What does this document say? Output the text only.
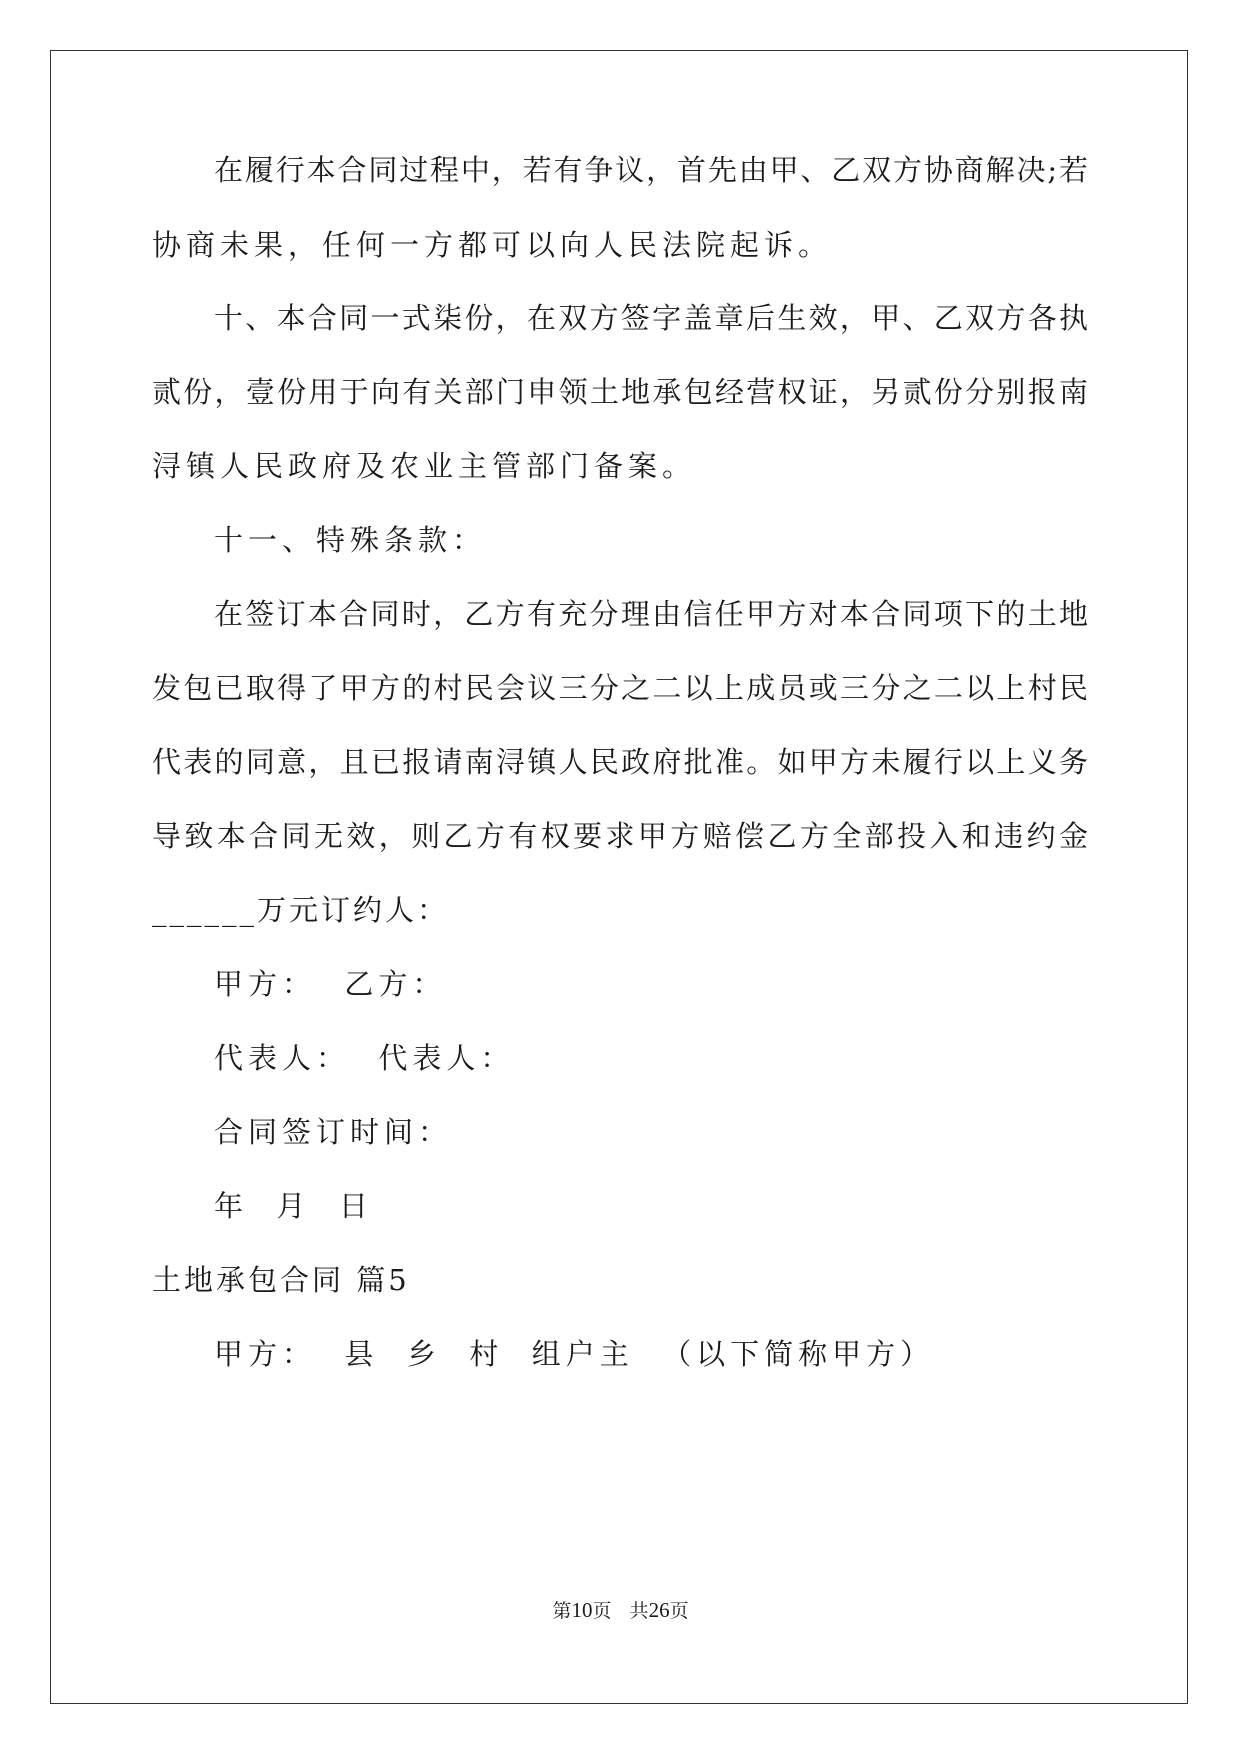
在履行本合同过程中，若有争议，首先由甲、乙双方协商解决;若
协商未果，任何一方都可以向人民法院起诉。
十、本合同一式柒份，在双方签字盖章后生效，甲、乙双方各执
贰份，壹份用于向有关部门申领土地承包经营权证，另贰份分别报南
浔镇人民政府及农业主管部门备案。
十一、特殊条款：
在签订本合同时，乙方有充分理由信任甲方对本合同项下的土地
发包已取得了甲方的村民会议三分之二以上成员或三分之二以上村民
代表的同意，且已报请南浔镇人民政府批准。如甲方未履行以上义务
导致本合同无效，则乙方有权要求甲方赔偿乙方全部投入和违约金
______万元订约人：
甲方：  乙方：
代表人：  代表人：
合同签订时间：
年  月  日
土地承包合同 篇5
甲方：  县  乡  村  组户主  （以下简称甲方）
第10页   共26页
